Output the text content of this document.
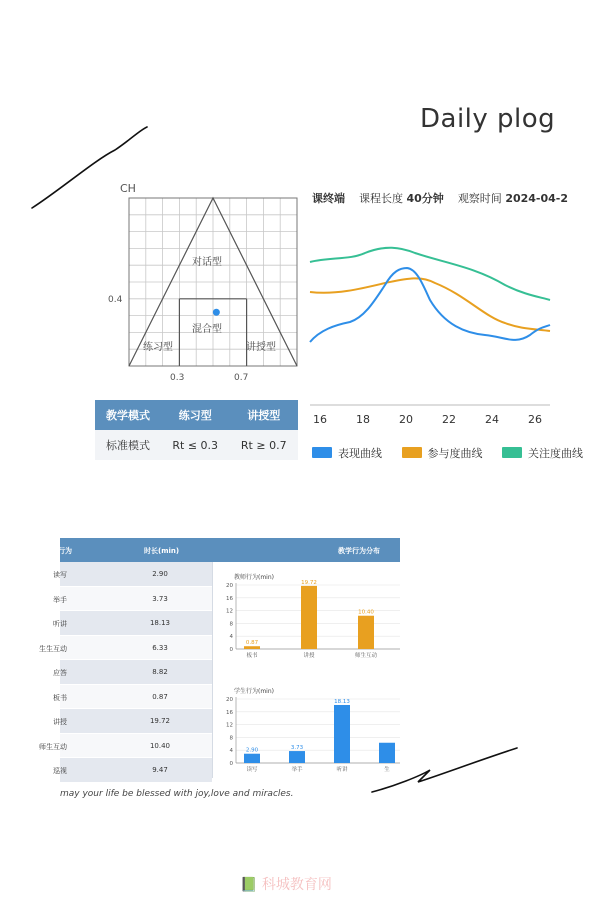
Daily plog
CH
0.4
0.3	0.7
对话型
混合型
练习型	讲授型
教学模式	练习型	讲授型
标准模式	Rt ≤ 0.3	Rt ≥ 0.7
课终端 课程长度 40分钟 观察时间 2024-04-2
16	18	20	22	24	26
表现曲线	参与度曲线	关注度曲线
行为	时长(min)	教学行为分布
读写	2.90
举手	3.73
听讲	18.13
生生互动	6.33
应答	8.82
板书	0.87
讲授	19.72
师生互动	10.40
巡视	9.47
教师行为(min)
0
4
8
12
16
20
0.87
板书
19.72
讲授
10.40
师生互动
学生行为(min)
0
4
8
12
16
20
2.90
读写
3.73
举手
18.13
听讲	生
may your life be blessed with joy,love and miracles.
📗 科城教育网
